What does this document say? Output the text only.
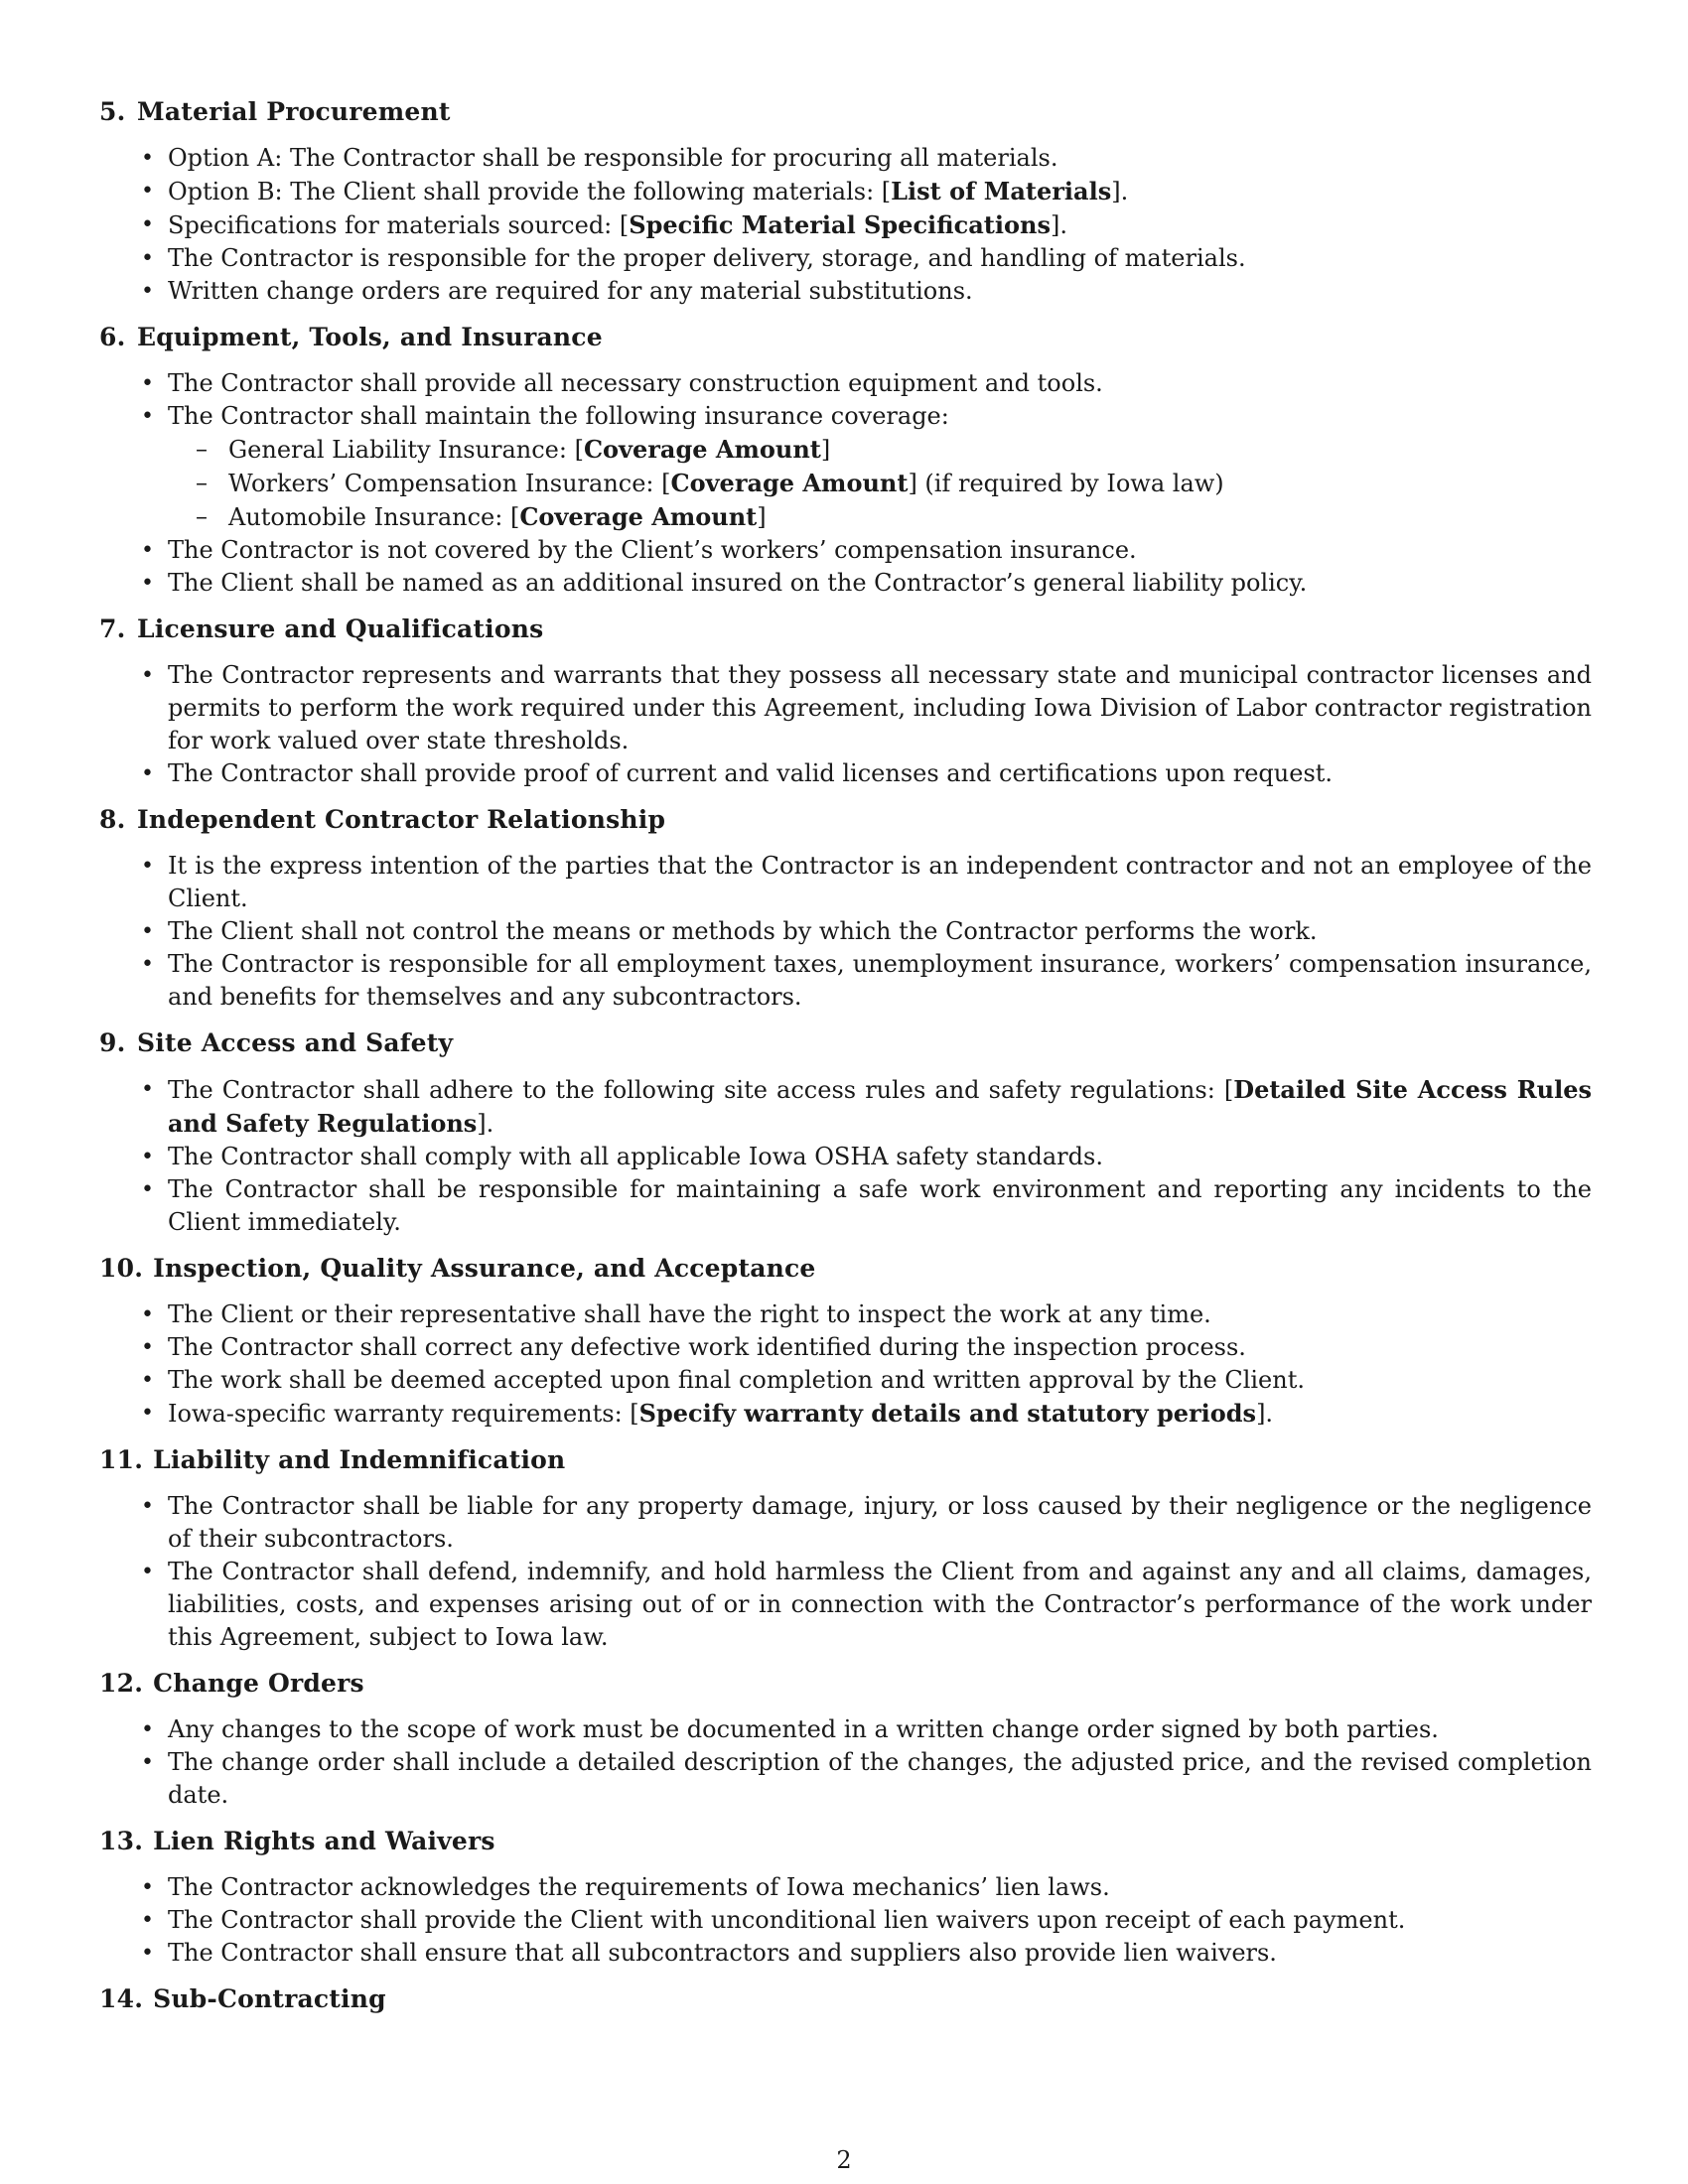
5. Material Procurement
• Option A: The Contractor shall be responsible for procuring all materials.
• Option B: The Client shall provide the following materials: [List of Materials].
• Specifications for materials sourced: [Specific Material Specifications].
• The Contractor is responsible for the proper delivery, storage, and handling of materials.
• Written change orders are required for any material substitutions.
6. Equipment, Tools, and Insurance
• The Contractor shall provide all necessary construction equipment and tools.
• The Contractor shall maintain the following insurance coverage:
– General Liability Insurance: [Coverage Amount]
– Workers’ Compensation Insurance: [Coverage Amount] (if required by Iowa law)
– Automobile Insurance: [Coverage Amount]
• The Contractor is not covered by the Client’s workers’ compensation insurance.
• The Client shall be named as an additional insured on the Contractor’s general liability policy.
7. Licensure and Qualifications
• The Contractor represents and warrants that they possess all necessary state and municipal contractor licenses and permits to perform the work required under this Agreement, including Iowa Division of Labor contractor registration for work valued over state thresholds.
• The Contractor shall provide proof of current and valid licenses and certifications upon request.
8. Independent Contractor Relationship
• It is the express intention of the parties that the Contractor is an independent contractor and not an employee of the Client.
• The Client shall not control the means or methods by which the Contractor performs the work.
• The Contractor is responsible for all employment taxes, unemployment insurance, workers’ compensation insurance, and benefits for themselves and any subcontractors.
9. Site Access and Safety
• The Contractor shall adhere to the following site access rules and safety regulations: [Detailed Site Access Rules and Safety Regulations].
• The Contractor shall comply with all applicable Iowa OSHA safety standards.
• The Contractor shall be responsible for maintaining a safe work environment and reporting any incidents to the Client immediately.
10. Inspection, Quality Assurance, and Acceptance
• The Client or their representative shall have the right to inspect the work at any time.
• The Contractor shall correct any defective work identified during the inspection process.
• The work shall be deemed accepted upon final completion and written approval by the Client.
• Iowa-specific warranty requirements: [Specify warranty details and statutory periods].
11. Liability and Indemnification
• The Contractor shall be liable for any property damage, injury, or loss caused by their negligence or the negligence of their subcontractors.
• The Contractor shall defend, indemnify, and hold harmless the Client from and against any and all claims, damages, liabilities, costs, and expenses arising out of or in connection with the Contractor’s performance of the work under this Agreement, subject to Iowa law.
12. Change Orders
• Any changes to the scope of work must be documented in a written change order signed by both parties.
• The change order shall include a detailed description of the changes, the adjusted price, and the revised completion date.
13. Lien Rights and Waivers
• The Contractor acknowledges the requirements of Iowa mechanics’ lien laws.
• The Contractor shall provide the Client with unconditional lien waivers upon receipt of each payment.
• The Contractor shall ensure that all subcontractors and suppliers also provide lien waivers.
14. Sub-Contracting
2
